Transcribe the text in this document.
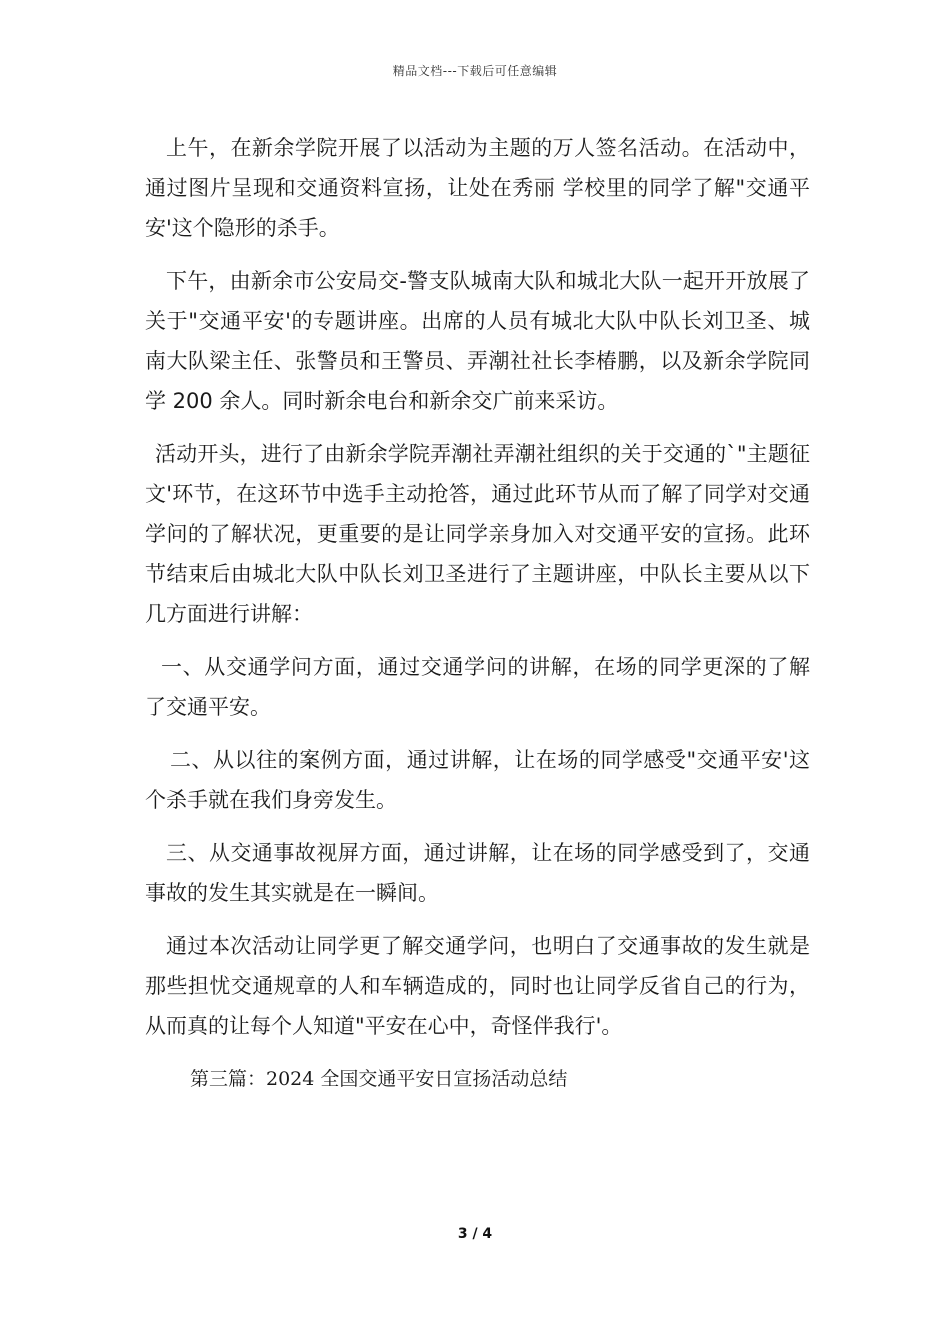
精品文档---下载后可任意编辑

上午，在新余学院开展了以活动为主题的万人签名活动。在活动中，通过图片呈现和交通资料宣扬，让处在秀丽 学校里的同学了解"交通平安'这个隐形的杀手。

下午，由新余市公安局交-警支队城南大队和城北大队一起开开放展了关于"交通平安'的专题讲座。出席的人员有城北大队中队长刘卫圣、城南大队梁主任、张警员和王警员、弄潮社社长李椿鹏，以及新余学院同学 200 余人。同时新余电台和新余交广前来采访。

活动开头，进行了由新余学院弄潮社弄潮社组织的关于交通的`"主题征文'环节，在这环节中选手主动抢答，通过此环节从而了解了同学对交通学问的了解状况，更重要的是让同学亲身加入对交通平安的宣扬。此环节结束后由城北大队中队长刘卫圣进行了主题讲座，中队长主要从以下几方面进行讲解：

一、从交通学问方面，通过交通学问的讲解，在场的同学更深的了解了交通平安。

二、从以往的案例方面，通过讲解，让在场的同学感受"交通平安'这个杀手就在我们身旁发生。

三、从交通事故视屏方面，通过讲解，让在场的同学感受到了，交通事故的发生其实就是在一瞬间。

通过本次活动让同学更了解交通学问，也明白了交通事故的发生就是那些担忧交通规章的人和车辆造成的，同时也让同学反省自己的行为，从而真的让每个人知道"平安在心中，奇怪伴我行'。

第三篇：2024 全国交通平安日宣扬活动总结

3 / 4
